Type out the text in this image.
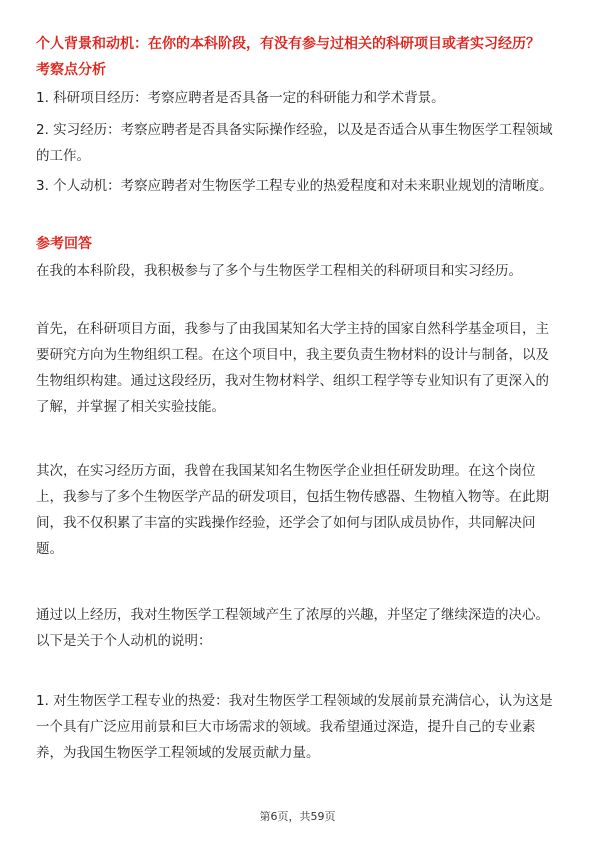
个人背景和动机：在你的本科阶段，有没有参与过相关的科研项目或者实习经历？

考察点分析

1. 科研项目经历：考察应聘者是否具备一定的科研能力和学术背景。

2. 实习经历：考察应聘者是否具备实际操作经验，以及是否适合从事生物医学工程领域的工作。

3. 个人动机：考察应聘者对生物医学工程专业的热爱程度和对未来职业规划的清晰度。

参考回答

在我的本科阶段，我积极参与了多个与生物医学工程相关的科研项目和实习经历。

首先，在科研项目方面，我参与了由我国某知名大学主持的国家自然科学基金项目，主要研究方向为生物组织工程。在这个项目中，我主要负责生物材料的设计与制备，以及生物组织构建。通过这段经历，我对生物材料学、组织工程学等专业知识有了更深入的了解，并掌握了相关实验技能。

其次，在实习经历方面，我曾在我国某知名生物医学企业担任研发助理。在这个岗位上，我参与了多个生物医学产品的研发项目，包括生物传感器、生物植入物等。在此期间，我不仅积累了丰富的实践操作经验，还学会了如何与团队成员协作，共同解决问题。

通过以上经历，我对生物医学工程领域产生了浓厚的兴趣，并坚定了继续深造的决心。以下是关于个人动机的说明：

1. 对生物医学工程专业的热爱：我对生物医学工程领域的发展前景充满信心，认为这是一个具有广泛应用前景和巨大市场需求的领域。我希望通过深造，提升自己的专业素养，为我国生物医学工程领域的发展贡献力量。

第6页，共59页
